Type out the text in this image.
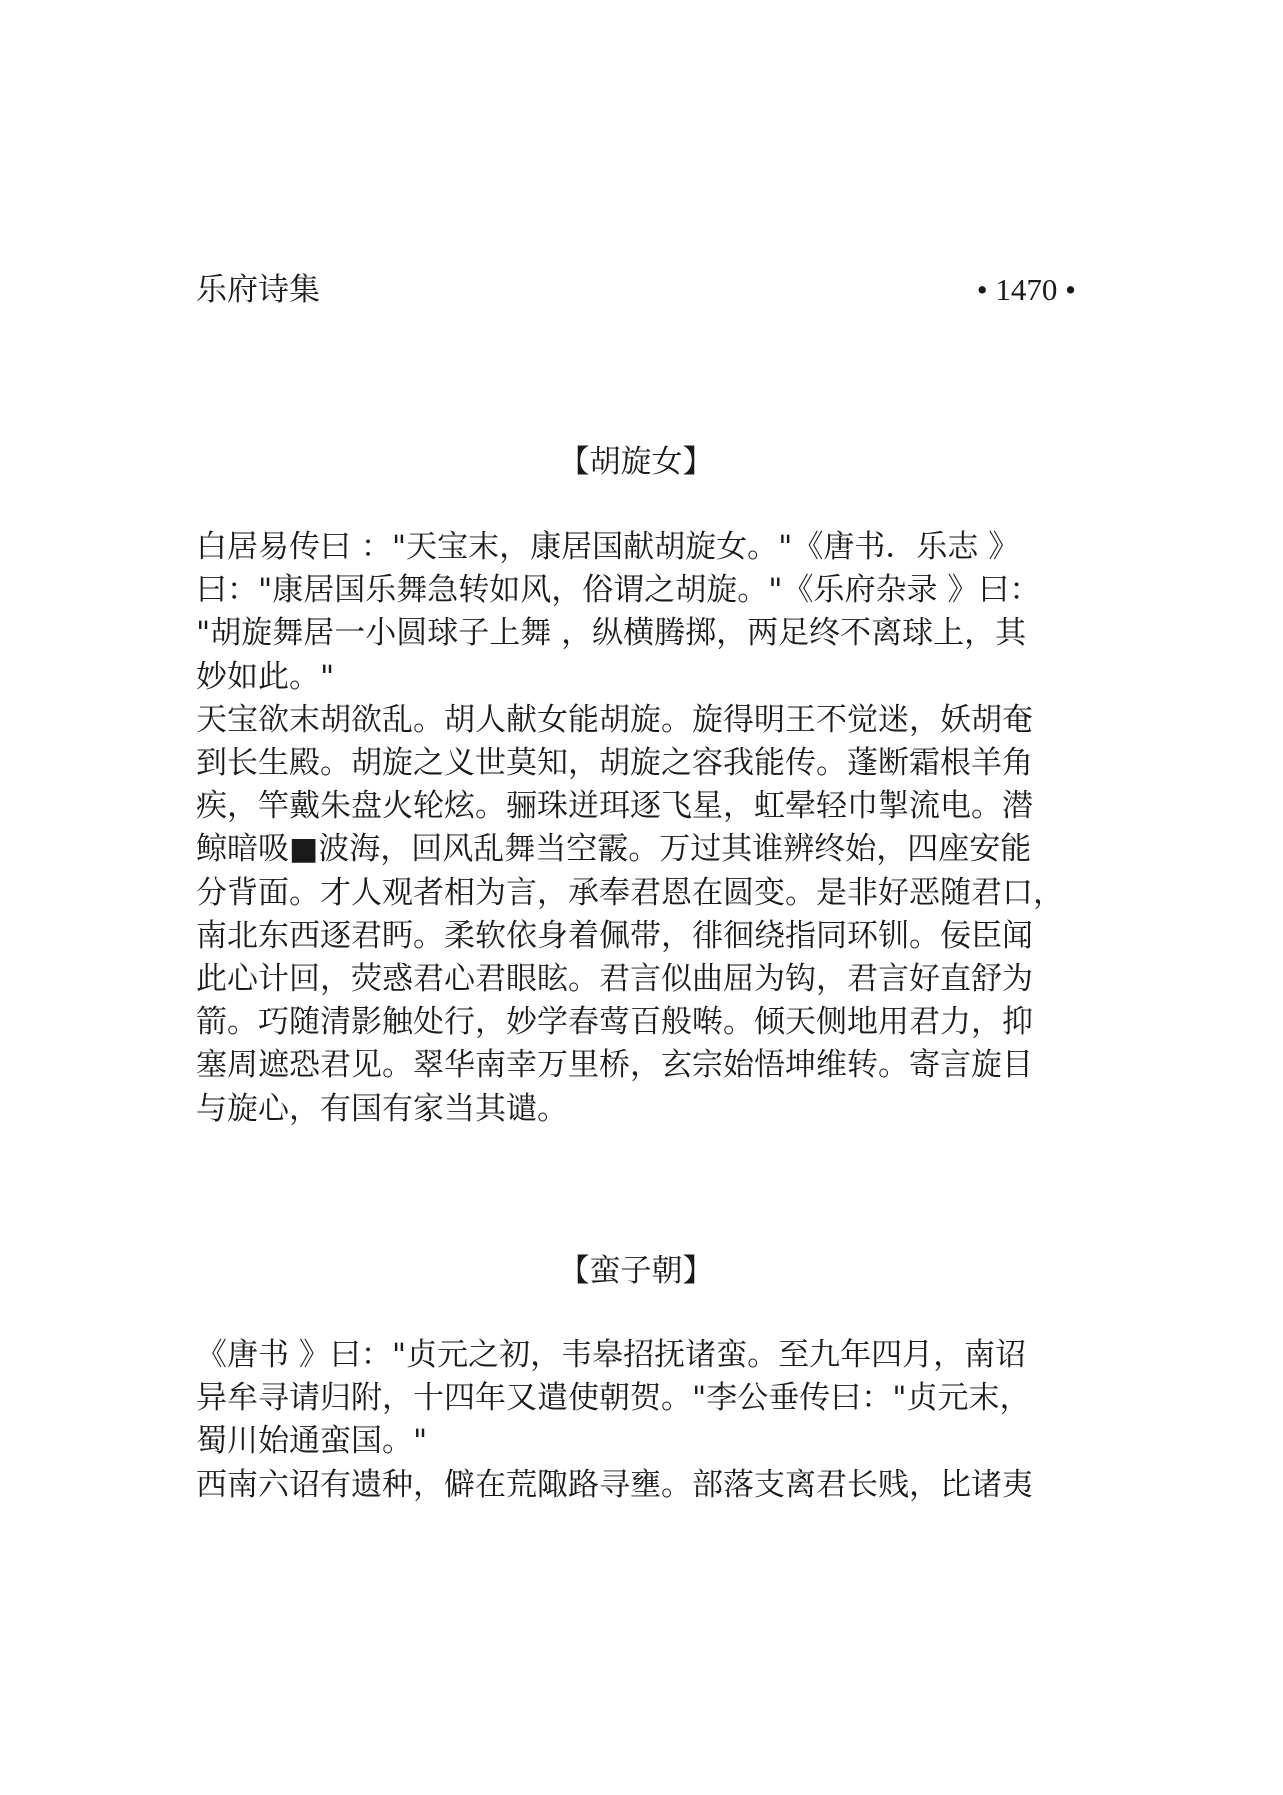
乐府诗集	• 1470 •
【胡旋女】

白居易传曰 ："天宝末，康居国献胡旋女。"《唐书．乐志 》
曰："康居国乐舞急转如风，俗谓之胡旋。"《乐府杂录 》曰：
"胡旋舞居一小圆球子上舞 ，纵横腾掷，两足终不离球上，其
妙如此。"

天宝欲末胡欲乱。胡人献女能胡旋。旋得明王不觉迷，妖胡奄
到长生殿。胡旋之义世莫知，胡旋之容我能传。蓬断霜根羊角
疾，竿戴朱盘火轮炫。骊珠迸珥逐飞星，虹晕轻巾掣流电。潜
鲸暗吸■波海，回风乱舞当空霰。万过其谁辨终始，四座安能
分背面。才人观者相为言，承奉君恩在圆变。是非好恶随君口，
南北东西逐君眄。柔软依身着佩带，徘徊绕指同环钏。佞臣闻
此心计回，荧惑君心君眼眩。君言似曲屈为钩，君言好直舒为
箭。巧随清影触处行，妙学春莺百般啭。倾天侧地用君力，抑
塞周遮恐君见。翠华南幸万里桥，玄宗始悟坤维转。寄言旋目
与旋心，有国有家当其谴。

【蛮子朝】

《唐书 》曰："贞元之初，韦皋招抚诸蛮。至九年四月，南诏
异牟寻请归附，十四年又遣使朝贺。"李公垂传曰："贞元末，
蜀川始通蛮国。"

西南六诏有遗种，僻在荒陬路寻壅。部落支离君长贱，比诸夷
